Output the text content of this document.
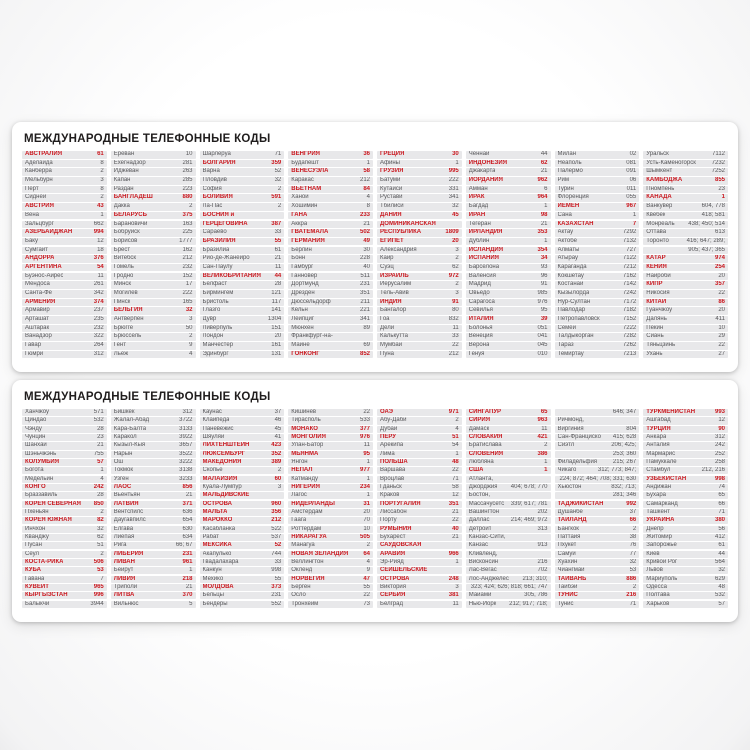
МЕЖДУНАРОДНЫЕ ТЕЛЕФОННЫЕ КОДЫ
АВСТРАЛИЯ	61
Аделаида	8
Канберра	2
Мельбурн	3
Перт	8
Сидней	2
АВСТРИЯ	43
Вена	1
Зальцбург	662
АЗЕРБАЙДЖАН	994
Баку	12
Сумгаит	18
АНДОРРА	376
АРГЕНТИНА	54
Буэнос-Айрес	11
Мендоса	261
Санта-Фе	342
АРМЕНИЯ	374
Армавир	237
Арташат	235
Аштарак	232
Ванадзор	322
Гавар	264
Гюмри	312
Ереван	10
Ехегнадзор	281
Иджеван	263
Капан	285
Раздан	223
БАНГЛАДЕШ	880
Дакка	2
БЕЛАРУСЬ	375
Барановичи	163
Бобруйск	225
Борисов	1777
Брест	162
Витебск	212
Гомель	232
Гродно	152
Минск	17
Могилев	222
Пинск	165
БЕЛЬГИЯ	32
Антверпен	3
Брюгге	50
Брюссель	2
Гент	9
Льеж	4
Шарлеруа	71
БОЛГАРИЯ	359
Варна	52
Пловдив	32
София	2
БОЛИВИЯ	591
Ла-Пас	2
БОСНИЯ и
ГЕРЦЕГОВИНА	387
Сараево	33
БРАЗИЛИЯ	55
Бразилиа	61
Рио-де-Жанейро	21
Сан-Паулу	11
ВЕЛИКОБРИТАНИЯ 44
Белфаст	28
Бирмингем	121
Бристоль	117
Глазго	141
Дувр	1304
Ливерпуль	151
Лондон	20
Манчестер	161
Эдинбург	131
ВЕНГРИЯ	36
Будапешт	1
ВЕНЕСУЭЛА	58
Каракас	212
ВЬЕТНАМ	84
Ханой	4
Хошимин	8
ГАНА	233
Аккра	21
ГВАТЕМАЛА	502
ГЕРМАНИЯ	49
Берлин	30
Бонн	228
Гамбург	40
Ганновер	511
Дортмунд	231
Дрезден	351
Дюссельдорф	211
Кельн	221
Лейпциг	341
Мюнхен	89
Франкфурт-на-
Майне	69
ГОНКОНГ	852
ГРЕЦИЯ	30
Афины	1
ГРУЗИЯ	995
Батуми	222
Кутаиси	331
Рустави	341
Тбилиси	32
ДАНИЯ	45
ДОМИНИКАНСКАЯ
РЕСПУБЛИКА	1809
ЕГИПЕТ	20
Александрия	3
Каир	2
Суэц	62
ИЗРАИЛЬ	972
Иерусалим	2
Тель-Авив	3
ИНДИЯ	91
Бангалор	80
Гоа	832
Дели	11
Калькутта	33
Мумбаи	22
Пуна	212
Ченнаи	44
ИНДОНЕЗИЯ	62
Джакарта	21
ИОРДАНИЯ	962
Амман	6
ИРАК	964
Багдад	1
ИРАН	98
Тегеран	21
ИРЛАНДИЯ	353
Дублин	1
ИСЛАНДИЯ	354
ИСПАНИЯ	34
Барселона	93
Валенсия	96
Мадрид	91
Овьедо	985
Сарагоса	976
Севилья	95
ИТАЛИЯ	39
Болонья	051
Венеция	041
Верона	045
Генуя	010
Милан	02
Неаполь	081
Палермо	091
Рим	06
Турин	011
Флоренция	055
ЙЕМЕН	967
Сана	1
КАЗАХСТАН	7
Актау	7292
Актобе	7132
Алматы	727
Атырау	7122
Караганда	7212
Кокшетау	7162
Костанай	7142
Кызылорда	7242
Нур-Султан	7172
Павлодар	7182
Петропавловск	7152
Семей	7222
Талдыкорган	7282
Тараз	7262
Темиртау	7213
Уральск	7112
Усть-Каменогорск	7232
Шымкент	7252
КАМБОДЖА	855
Пномпень	23
КАНАДА	1
Ванкувер	604, 778
Квебек	418; 581
Монреаль 438; 450; 514
Оттава	613
Торонто	416; 647; 289;
905; 437; 365
КАТАР	974
КЕНИЯ	254
Найроби	20
КИПР	357
Никосия	22
КИТАЙ	86
Гуанчжоу	20
Далянь	411
Пекин	10
Сиань	29
Тяньцзинь	22
Ухань	27
МЕЖДУНАРОДНЫЕ ТЕЛЕФОННЫЕ КОДЫ
Ханчжоу	571
Циндао	532
Чэнду	28
Чунцин	23
Шанхай	21
Шэньчжэнь	755
КОЛУМБИЯ	57
Богота	1
Медельин	4
КОНГО	242
Браззавиль	28
КОРЕЯ СЕВЕРНАЯ 850
Пхеньян	2
КОРЕЯ ЮЖНАЯ	82
Инчхон	32
Кванджу	62
Пусан	51
Сеул	2
КОСТА-РИКА	506
КУБА	53
Гавана	7
КУВЕЙТ	965
КЫРГЫЗСТАН	996
Балыкчи	3944
Бишкек	312
Жалал-Абад	3722
Кара-Балта	3133
Каракол	3922
Кызыл-Кыя	3657
Нарын	3522
Ош	3222
Токмок	3138
Узген	3233
ЛАОС	856
Вьентьян	21
ЛАТВИЯ	371
Вентспилс	636
Даугавпилс	654
Елгава	630
Лиепая	634
Рига	66; 67
ЛИБЕРИЯ	231
ЛИВАН	961
Бейрут	1
ЛИВИЯ	218
Триполи	21
ЛИТВА	370
Вильнюс	5
Каунас	37
Клайпеда	46
Паневежис	45
Шяуляй	41
ЛИХТЕНШТЕЙН	423
ЛЮКСЕМБУРГ	352
МАКЕДОНИЯ	389
Скопье	2
МАЛАЙЗИЯ	60
Куала-Лумпур	3
МАЛЬДИВСКИЕ
ОСТРОВА	960
МАЛЬТА	356
МАРОККО	212
Касабланка	522
Рабат	537
МЕКСИКА	52
Акапулько	744
Гвадалахара	33
Канкун	998
Мехико	55
МОЛДОВА	373
Бельцы	231
Бендеры	552
Кишинев	22
Тирасполь	533
МОНАКО	377
МОНГОЛИЯ	976
Улан-Батор	11
МЬЯНМА	95
Янгон	1
НЕПАЛ	977
Катманду	1
НИГЕРИЯ	234
Лагос	1
НИДЕРЛАНДЫ	31
Амстердам	20
Гаага	70
Роттердам	10
НИКАРАГУА	505
Манагуа	2
НОВАЯ ЗЕЛАНДИЯ	64
Веллингтон	4
Окленд	9
НОРВЕГИЯ	47
Берген	55
Осло	22
Тронхейм	73
ОАЭ	971
Абу-Даби	2
Дубай	4
ПЕРУ	51
Арекипа	54
Лима	1
ПОЛЬША	48
Варшава	22
Вроцлав	71
Гданьск	58
Краков	12
ПОРТУГАЛИЯ	351
Лиссабон	21
Порту	22
РУМЫНИЯ	40
Бухарест	21
САУДОВСКАЯ
АРАВИЯ	966
Эр-Рияд	1
СЕЙШЕЛЬСКИЕ
ОСТРОВА	248
Виктория	3
СЕРБИЯ	381
Белград	11
СИНГАПУР	65
СИРИЯ	963
Дамаск	11
СЛОВАКИЯ	421
Братислава	2
СЛОВЕНИЯ	386
Любляна	1
США	1
Атланта,
Джорджия 404; 678; 770
Бостон,
Массачусетс 339; 617; 781
Вашингтон	202
Даллас	214; 469; 972
Детройт	313
Канзас-Сити,
Канзас	913
Кливленд,
Висконсин	216
Лас-Вегас	702
Лос-Анджелес 213; 310;
323; 424; 626; 818; 661; 747
Майами	305, 786
Нью-Йорк 212; 917; 718;
646; 347
Ричмонд,
Виргиния	804
Сан-Франциско 415; 628
Сиэтл	206; 425;
253; 360
Филадельфия	215; 267
Чикаго	312; 773; 847;
224; 872; 464; 708; 331; 630
Хьюстон	832; 713;
281; 346
ТАДЖИКИСТАН	992
Душанбе	37
ТАИЛАНД	66
Бангкок	2
Паттайя	38
Пхукет	76
Самуи	77
Хуахин	32
Чиангмай	53
ТАЙВАНЬ	886
Тайбэй	2
ТУНИС	216
Тунис	71
ТУРКМЕНИСТАН	993
Ашгабад	12
ТУРЦИЯ	90
Анкара	312
Анталия	242
Мармарис	252
Памуккале	258
Стамбул	212, 216
УЗБЕКИСТАН	998
Андижан	74
Бухара	65
Самарканд	66
Ташкент	71
УКРАИНА	380
Днепр	56
Житомир	412
Запорожье	61
Киев	44
Кривой Рог	564
Львов	32
Мариуполь	629
Одесса	48
Полтава	532
Харьков	57
